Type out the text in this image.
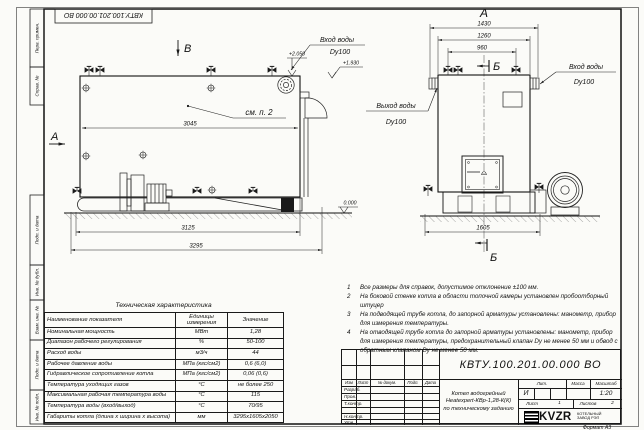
КВТУ.100.201.00.000 ВО
Перв. примен.
Справ. №
Подп. и дата
Инв. № дубл.
Взам. инв. №
Подп. и дата
Инв. № подл.
3045
3125
3295
В
А
см. п. 2
+2.050
+1.930
0.000
Вход воды
Dy100
Выход воды
Dy100
1430
1260
960
1605
А
Б
Б
Вход воды
Dy100
1	Все размеры для справок, допустимое отклонение ±100 мм.
2	На боковой стенке котла в области топочной камеры установлен пробоотборный штуцер
3	На подводящей трубе котла, до запорной арматуры установлены: манометр, прибор для измерения температуры.
4	На отводящей трубе котла до запорной арматуры установлены: манометр, прибор для измерения температуры, предохранительный клапан Dy не менее 50 мм и обвод с обратным клапаном Dy не менее 50 мм.
Техническая характеристика
Наименование показателя	Единицы измерения	Значение
Номинальная мощность	МВт	1,28
Диапазон рабочего регулирования	%	50-100
Расход воды	м3/ч	44
Рабочее давление воды	МПа (кгс/см2)	0,6 (6,0)
Гидравлическое сопротивление котла	МПа (кгс/см2)	0,06 (0,6)
Температура уходящих газов	°С	не более 250
Максимальная рабочая температура воды	°С	115
Температура воды (вход/выход)	°С	70/95
Габариты котла (длина х ширина х высота)	мм	3295х1605х2050
КВТУ.100.201.00.000 ВО
Изм	Лист	№ докум.	Подп.	Дата
Разраб.
Пров.
Т.контр.
Н.контр.
Утв.
Котел водогрейный
Heatexpert-КВр-1,28-К(К)
по техническому заданию
Лит.	Масса	Масштаб
И	1:20
Лист	1	Листов	2
KVZR КОТЕЛЬНЫЙ
ЗАВОД РЭП
Формат А3
